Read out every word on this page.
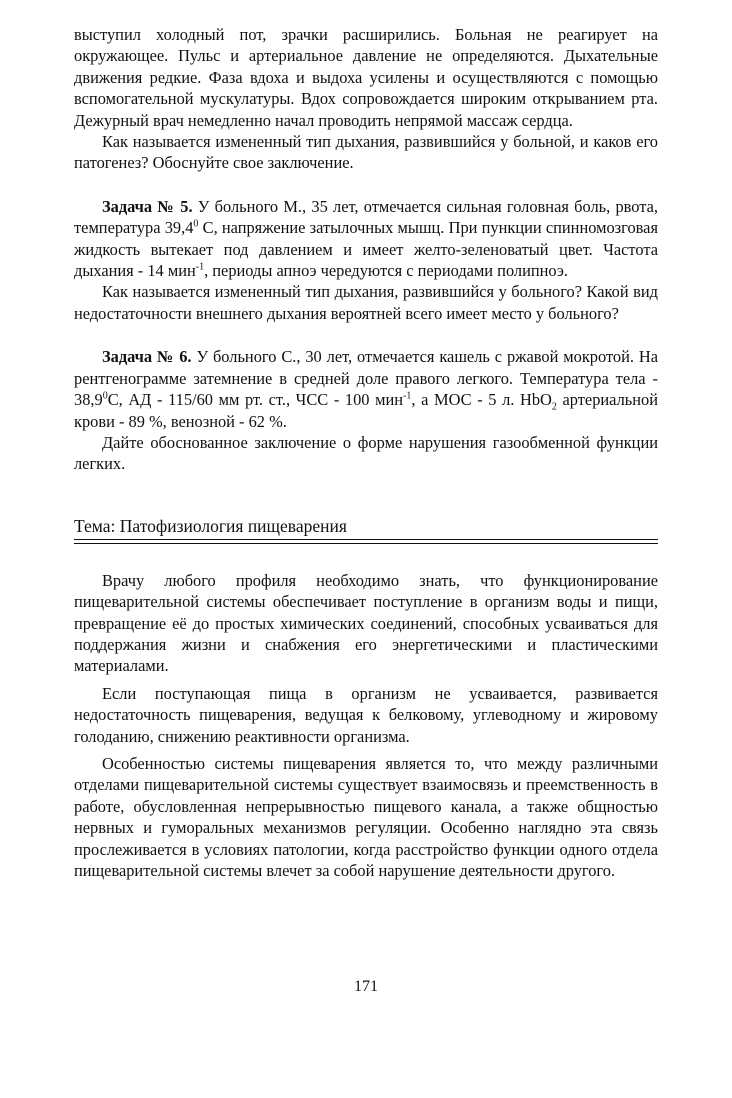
выступил холодный пот, зрачки расширились. Больная не реагирует на окружающее. Пульс и артериальное давление не определяются. Дыхательные движения редкие. Фаза вдоха и выдоха усилены и осуществляются с помощью вспомогательной мускулатуры. Вдох сопровождается широким открыванием рта. Дежурный врач немедленно начал проводить непрямой массаж сердца.

Как называется измененный тип дыхания, развившийся у больной, и каков его патогенез? Обоснуйте свое заключение.

Задача № 5. У больного М., 35 лет, отмечается сильная головная боль, рвота, температура 39,4$^0$ С, напряжение затылочных мышц. При пункции спинномозговая жидкость вытекает под давлением и имеет желто-зеленоватый цвет. Частота дыхания - 14 мин$^{-1}$, периоды апноэ чередуются с периодами полипноэ.

Как называется измененный тип дыхания, развившийся у больного? Какой вид недостаточности внешнего дыхания вероятней всего имеет место у больного?

Задача № 6. У больного С., 30 лет, отмечается кашель с ржавой мокротой. На рентгенограмме затемнение в средней доле правого легкого. Температура тела - 38,9$^0$С, АД - 115/60 мм рт. ст., ЧСС - 100 мин$^{-1}$, а МОС - 5 л. HbO$_2$ артериальной крови - 89 %, венозной - 62 %.

Дайте обоснованное заключение о форме нарушения газообменной функции легких.

Тема: Патофизиология пищеварения

Врачу любого профиля необходимо знать, что функционирование пищеварительной системы обеспечивает поступление в организм воды и пищи, превращение её до простых химических соединений, способных усваиваться для поддержания жизни и снабжения его энергетическими и пластическими материалами.

Если поступающая пища в организм не усваивается, развивается недостаточность пищеварения, ведущая к белковому, углеводному и жировому голоданию, снижению реактивности организма.

Особенностью системы пищеварения является то, что между различными отделами пищеварительной системы существует взаимосвязь и преемственность в работе, обусловленная непрерывностью пищевого канала, а также общностью нервных и гуморальных механизмов регуляции. Особенно наглядно эта связь прослеживается в условиях патологии, когда расстройство функции одного отдела пищеварительной системы влечет за собой нарушение деятельности другого.

171
